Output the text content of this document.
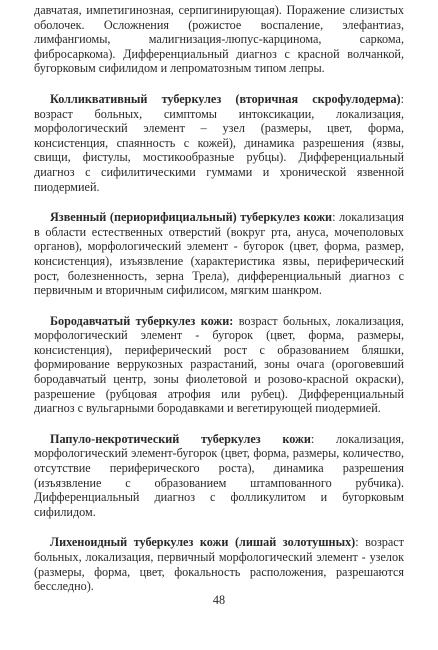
давчатая, импетигинозная, серпигинирующая). Поражение слизистых оболочек. Осложнения (рожистое воспаление, элефантиаз, лимфангиомы, малигнизация-люпус-карцинома, саркома, фибросаркома). Дифференциальный диагноз с красной волчанкой, бугорковым сифилидом и лепроматозным типом лепры.

Колликвативный туберкулез (вторичная скрофулодерма): возраст больных, симптомы интоксикации, локализация, морфологический элемент – узел (размеры, цвет, форма, консистенция, спаянность с кожей), динамика разрешения (язвы, свищи, фистулы, мостикообразные рубцы). Дифференциальный диагноз с сифилитическими гуммами и хронической язвенной пиодермией.

Язвенный (периорифициальный) туберкулез кожи: локализация в области естественных отверстий (вокруг рта, ануса, мочеполовых органов), морфологический элемент - бугорок (цвет, форма, размер, консистенция), изъязвление (характеристика язвы, периферический рост, болезненность, зерна Трела), дифференциальный диагноз с первичным и вторичным сифилисом, мягким шанкром.

Бородавчатый туберкулез кожи: возраст больных, локализация, морфологический элемент - бугорок (цвет, форма, размеры, консистенция), периферический рост с образованием бляшки, формирование веррукозных разрастаний, зоны очага (ороговевший бородавчатый центр, зоны фиолетовой и розово-красной окраски), разрешение (рубцовая атрофия или рубец). Дифференциальный диагноз с вульгарными бородавками и вегетирующей пиодермией.

Папуло-некротический туберкулез кожи: локализация, морфологический элемент-бугорок (цвет, форма, размеры, количество, отсутствие периферического роста), динамика разрешения (изъязвление с образованием штампованного рубчика). Дифференциальный диагноз с фолликулитом и бугорковым сифилидом.

Лихеноидный туберкулез кожи (лишай золотушных): возраст больных, локализация, первичный морфологический элемент - узелок (размеры, форма, цвет, фокальность расположения, разрешаются бесследно).

48
